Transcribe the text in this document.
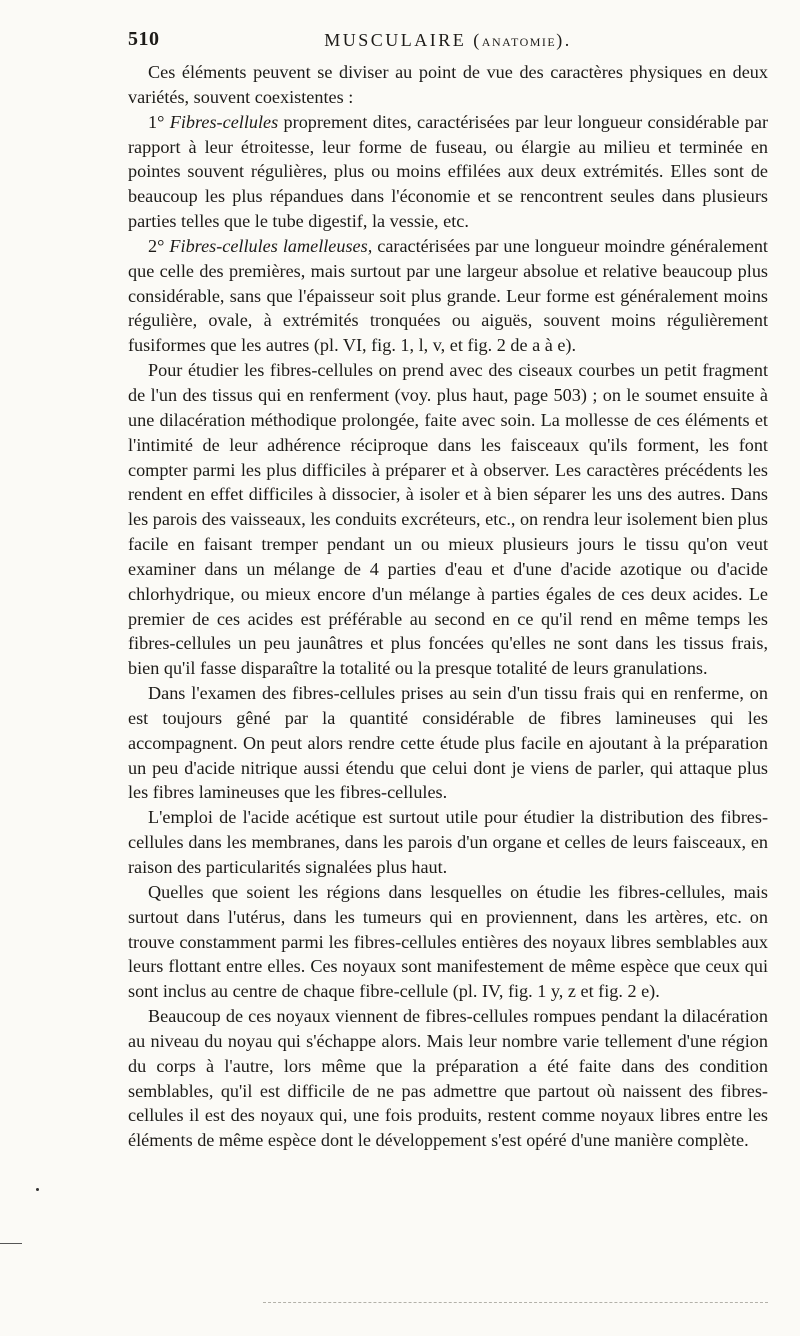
510	MUSCULAIRE (ANATOMIE).

Ces éléments peuvent se diviser au point de vue des caractères physiques en deux variétés, souvent coexistentes :

1° Fibres-cellules proprement dites, caractérisées par leur longueur considérable par rapport à leur étroitesse, leur forme de fuseau, ou élargie au milieu et terminée en pointes souvent régulières, plus ou moins effilées aux deux extrémités. Elles sont de beaucoup les plus répandues dans l'économie et se rencontrent seules dans plusieurs parties telles que le tube digestif, la vessie, etc.

2° Fibres-cellules lamelleuses, caractérisées par une longueur moindre généralement que celle des premières, mais surtout par une largeur absolue et relative beaucoup plus considérable, sans que l'épaisseur soit plus grande. Leur forme est généralement moins régulière, ovale, à extrémités tronquées ou aiguës, souvent moins régulièrement fusiformes que les autres (pl. VI, fig. 1, l, v, et fig. 2 de a à e).

Pour étudier les fibres-cellules on prend avec des ciseaux courbes un petit fragment de l'un des tissus qui en renferment (voy. plus haut, page 503) ; on le soumet ensuite à une dilacération méthodique prolongée, faite avec soin. La mollesse de ces éléments et l'intimité de leur adhérence réciproque dans les faisceaux qu'ils forment, les font compter parmi les plus difficiles à préparer et à observer. Les caractères précédents les rendent en effet difficiles à dissocier, à isoler et à bien séparer les uns des autres. Dans les parois des vaisseaux, les conduits excréteurs, etc., on rendra leur isolement bien plus facile en faisant tremper pendant un ou mieux plusieurs jours le tissu qu'on veut examiner dans un mélange de 4 parties d'eau et d'une d'acide azotique ou d'acide chlorhydrique, ou mieux encore d'un mélange à parties égales de ces deux acides. Le premier de ces acides est préférable au second en ce qu'il rend en même temps les fibres-cellules un peu jaunâtres et plus foncées qu'elles ne sont dans les tissus frais, bien qu'il fasse disparaître la totalité ou la presque totalité de leurs granulations.

Dans l'examen des fibres-cellules prises au sein d'un tissu frais qui en renferme, on est toujours gêné par la quantité considérable de fibres lamineuses qui les accompagnent. On peut alors rendre cette étude plus facile en ajoutant à la préparation un peu d'acide nitrique aussi étendu que celui dont je viens de parler, qui attaque plus les fibres lamineuses que les fibres-cellules.

L'emploi de l'acide acétique est surtout utile pour étudier la distribution des fibres-cellules dans les membranes, dans les parois d'un organe et celles de leurs faisceaux, en raison des particularités signalées plus haut.

Quelles que soient les régions dans lesquelles on étudie les fibres-cellules, mais surtout dans l'utérus, dans les tumeurs qui en proviennent, dans les artères, etc. on trouve constamment parmi les fibres-cellules entières des noyaux libres semblables aux leurs flottant entre elles. Ces noyaux sont manifestement de même espèce que ceux qui sont inclus au centre de chaque fibre-cellule (pl. IV, fig. 1 y, z et fig. 2 e).

Beaucoup de ces noyaux viennent de fibres-cellules rompues pendant la dilacération au niveau du noyau qui s'échappe alors. Mais leur nombre varie tellement d'une région du corps à l'autre, lors même que la préparation a été faite dans des condition semblables, qu'il est difficile de ne pas admettre que partout où naissent des fibres-cellules il est des noyaux qui, une fois produits, restent comme noyaux libres entre les éléments de même espèce dont le développement s'est opéré d'une manière complète.
